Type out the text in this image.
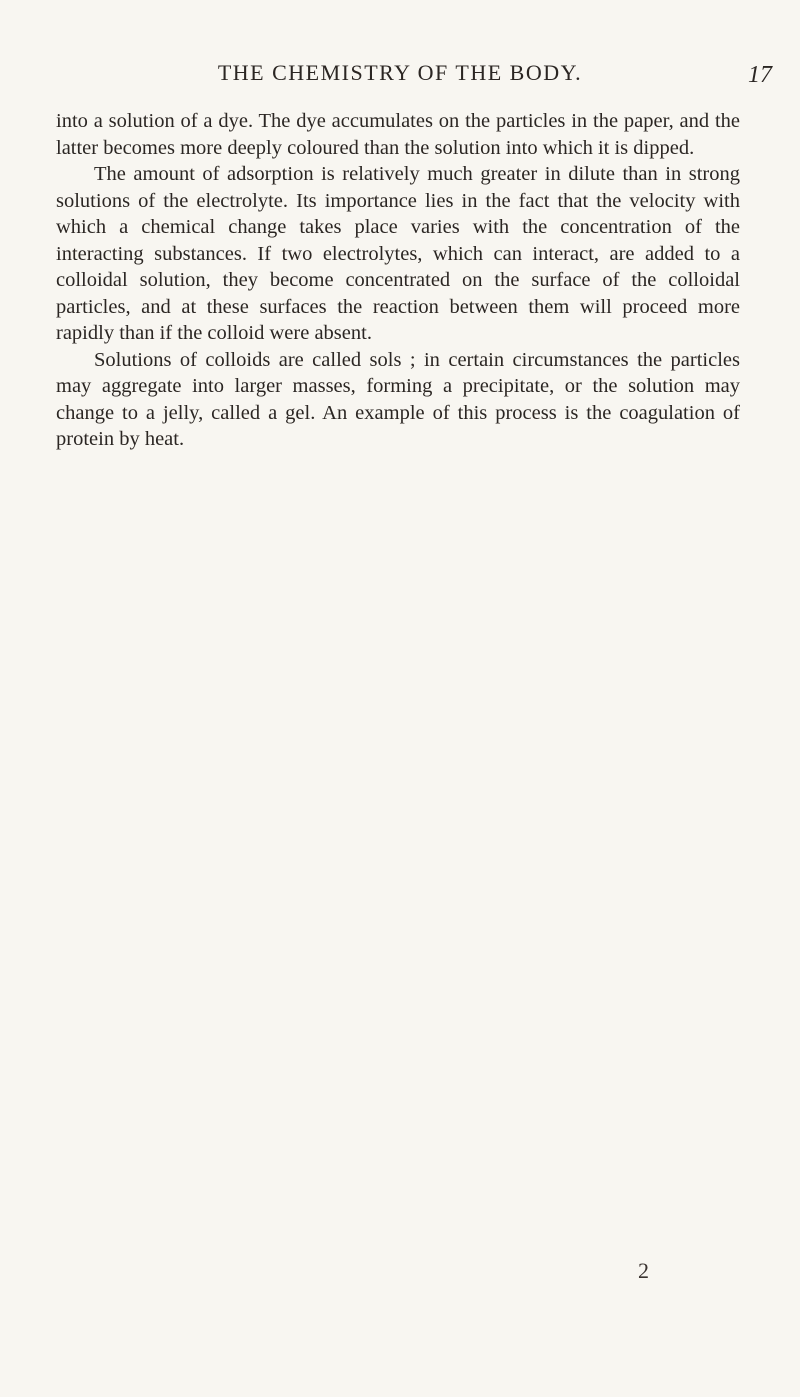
THE CHEMISTRY OF THE BODY.	17

into a solution of a dye. The dye accumulates on the particles in the paper, and the latter becomes more deeply coloured than the solution into which it is dipped.

The amount of adsorption is relatively much greater in dilute than in strong solutions of the electrolyte. Its importance lies in the fact that the velocity with which a chemical change takes place varies with the concentration of the interacting substances. If two electrolytes, which can interact, are added to a colloidal solution, they become concentrated on the surface of the colloidal particles, and at these surfaces the reaction between them will proceed more rapidly than if the colloid were absent.

Solutions of colloids are called sols ; in certain circumstances the particles may aggregate into larger masses, forming a precipitate, or the solution may change to a jelly, called a gel. An example of this process is the coagulation of protein by heat.

2
